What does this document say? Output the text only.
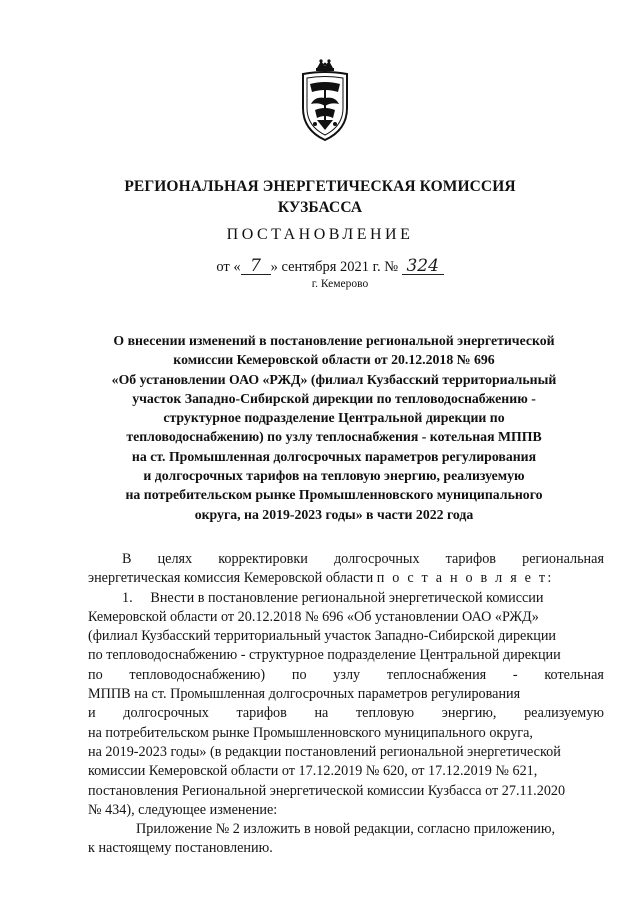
РЕГИОНАЛЬНАЯ ЭНЕРГЕТИЧЕСКАЯ КОМИССИЯ
КУЗБАССА
ПОСТАНОВЛЕНИЕ
от « 7 » сентября 2021 г. № 324
г. Кемерово
О внесении изменений в постановление региональной энергетической
комиссии Кемеровской области от 20.12.2018 № 696
«Об установлении ОАО «РЖД» (филиал Кузбасский территориальный
участок Западно-Сибирской дирекции по тепловодоснабжению -
структурное подразделение Центральной дирекции по
тепловодоснабжению) по узлу теплоснабжения - котельная МППВ
на ст. Промышленная долгосрочных параметров регулирования
и долгосрочных тарифов на тепловую энергию, реализуемую
на потребительском рынке Промышленновского муниципального
округа, на 2019-2023 годы» в части 2022 года
В целях корректировки долгосрочных тарифов региональная
энергетическая комиссия Кемеровской области п о с т а н о в л я е т:
1.     Внести в постановление региональной энергетической комиссии
Кемеровской области от 20.12.2018 № 696 «Об установлении ОАО «РЖД»
(филиал Кузбасский территориальный участок Западно-Сибирской дирекции
по тепловодоснабжению - структурное подразделение Центральной дирекции
по тепловодоснабжению) по узлу теплоснабжения - котельная
МППВ на ст. Промышленная долгосрочных параметров регулирования
и долгосрочных тарифов на тепловую энергию, реализуемую
на потребительском рынке Промышленновского муниципального округа,
на 2019-2023 годы» (в редакции постановлений региональной энергетической
комиссии Кемеровской области от 17.12.2019 № 620, от 17.12.2019 № 621,
постановления Региональной энергетической комиссии Кузбасса от 27.11.2020
№ 434), следующее изменение:
Приложение № 2 изложить в новой редакции, согласно приложению,
к настоящему постановлению.
